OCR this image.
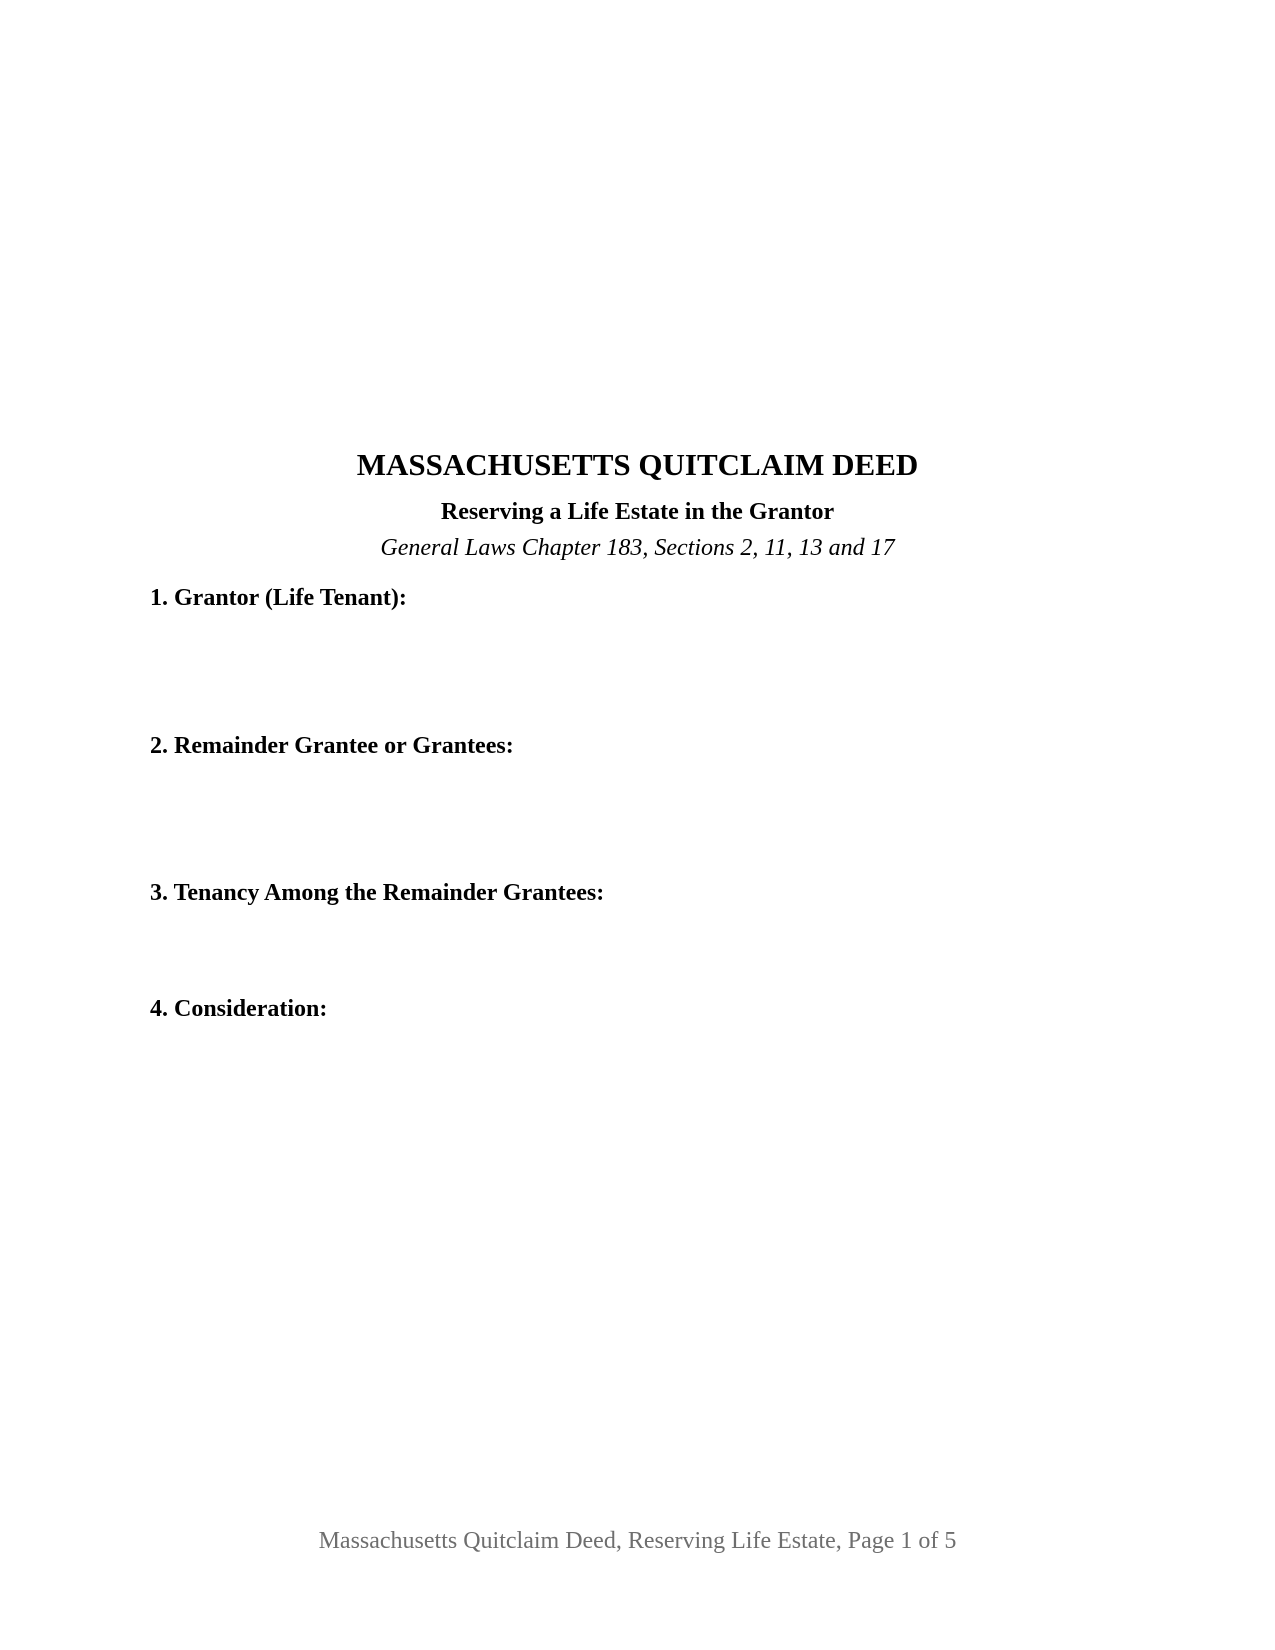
MASSACHUSETTS QUITCLAIM DEED
Reserving a Life Estate in the Grantor
General Laws Chapter 183, Sections 2, 11, 13 and 17
1. Grantor (Life Tenant):
2. Remainder Grantee or Grantees:
3. Tenancy Among the Remainder Grantees:
4. Consideration:
Massachusetts Quitclaim Deed, Reserving Life Estate, Page 1 of 5
